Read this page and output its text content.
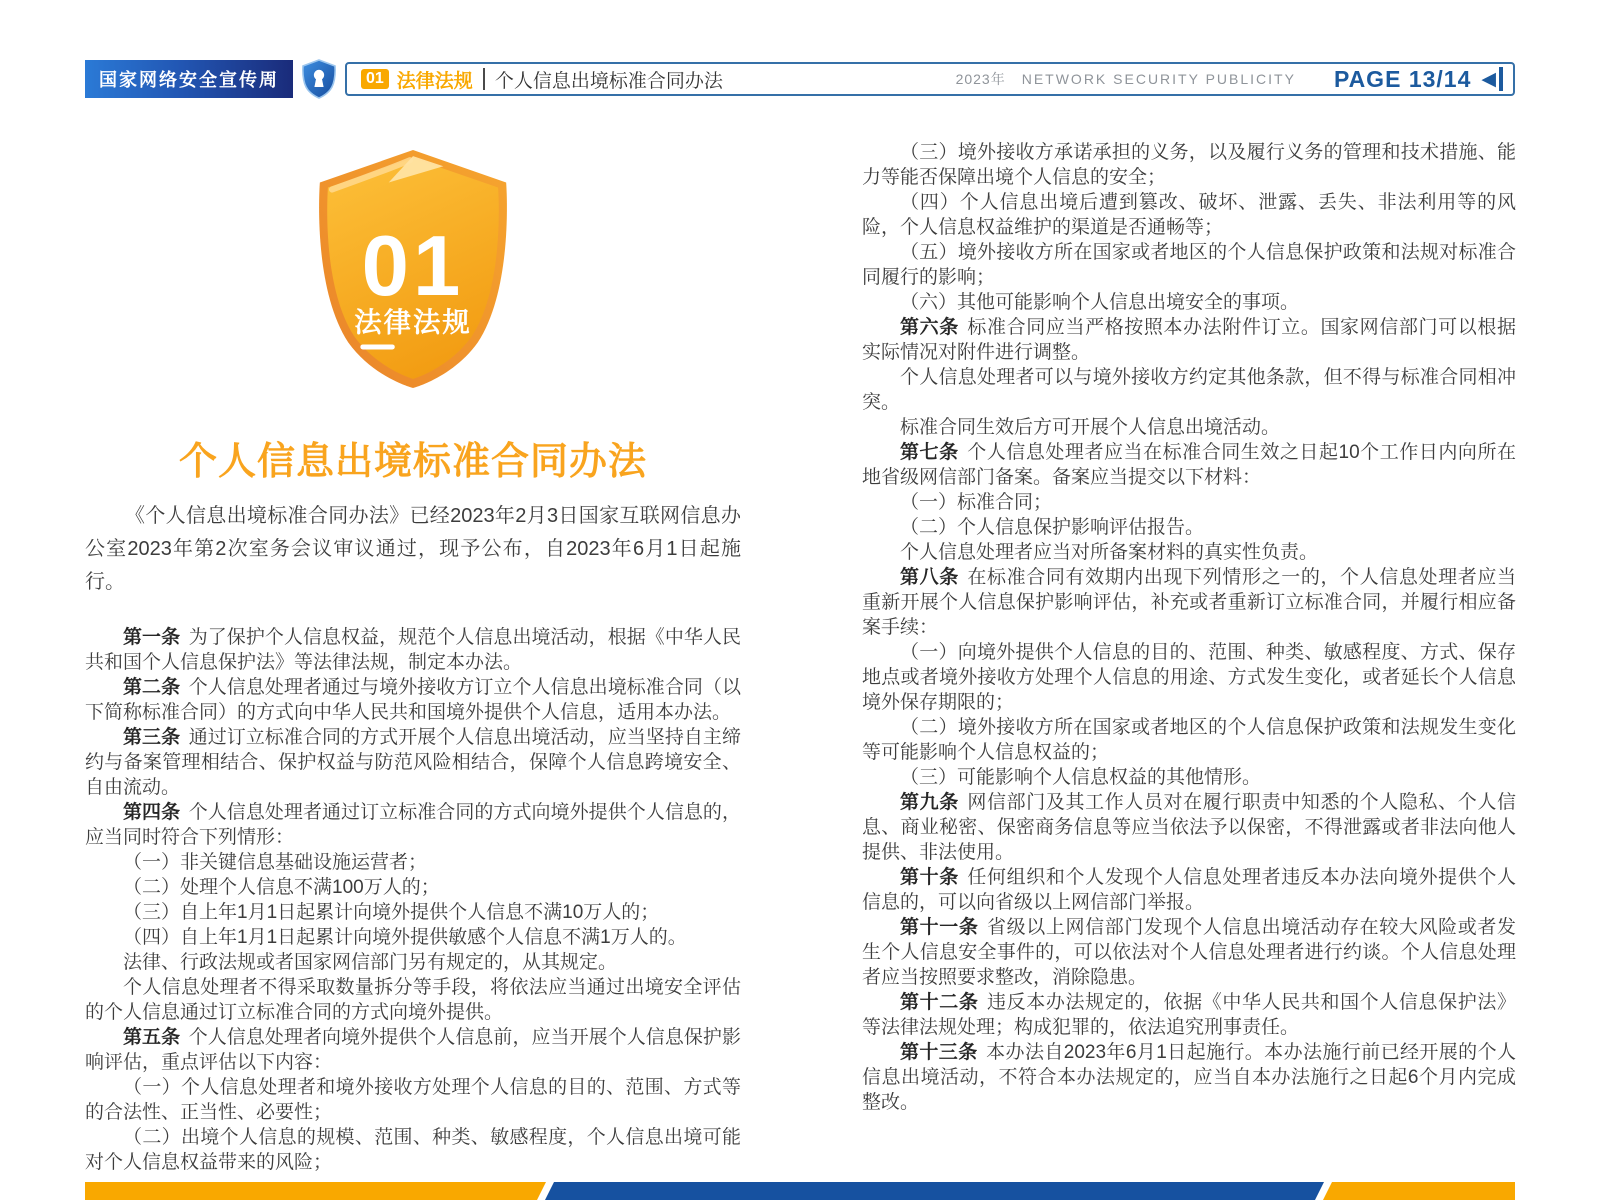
国家网络安全宣传周	01 法律法规 个人信息出境标准合同办法	2023年 NETWORK SECURITY PUBLICITY PAGE 13/14 ◀
01
法律法规
个人信息出境标准合同办法

《个人信息出境标准合同办法》已经2023年2月3日国家互联网信息办公室2023年第2次室务会议审议通过，现予公布，自2023年6月1日起施行。

第一条 为了保护个人信息权益，规范个人信息出境活动，根据《中华人民共和国个人信息保护法》等法律法规，制定本办法。

第二条 个人信息处理者通过与境外接收方订立个人信息出境标准合同（以下简称标准合同）的方式向中华人民共和国境外提供个人信息，适用本办法。

第三条 通过订立标准合同的方式开展个人信息出境活动，应当坚持自主缔约与备案管理相结合、保护权益与防范风险相结合，保障个人信息跨境安全、自由流动。

第四条 个人信息处理者通过订立标准合同的方式向境外提供个人信息的，应当同时符合下列情形：

（一）非关键信息基础设施运营者；

（二）处理个人信息不满100万人的；

（三）自上年1月1日起累计向境外提供个人信息不满10万人的；

（四）自上年1月1日起累计向境外提供敏感个人信息不满1万人的。

法律、行政法规或者国家网信部门另有规定的，从其规定。

个人信息处理者不得采取数量拆分等手段，将依法应当通过出境安全评估的个人信息通过订立标准合同的方式向境外提供。

第五条 个人信息处理者向境外提供个人信息前，应当开展个人信息保护影响评估，重点评估以下内容：

（一）个人信息处理者和境外接收方处理个人信息的目的、范围、方式等的合法性、正当性、必要性；

（二）出境个人信息的规模、范围、种类、敏感程度，个人信息出境可能对个人信息权益带来的风险；

（三）境外接收方承诺承担的义务，以及履行义务的管理和技术措施、能力等能否保障出境个人信息的安全；

（四）个人信息出境后遭到篡改、破坏、泄露、丢失、非法利用等的风险，个人信息权益维护的渠道是否通畅等；

（五）境外接收方所在国家或者地区的个人信息保护政策和法规对标准合同履行的影响；

（六）其他可能影响个人信息出境安全的事项。

第六条 标准合同应当严格按照本办法附件订立。国家网信部门可以根据实际情况对附件进行调整。

个人信息处理者可以与境外接收方约定其他条款，但不得与标准合同相冲突。

标准合同生效后方可开展个人信息出境活动。

第七条 个人信息处理者应当在标准合同生效之日起10个工作日内向所在地省级网信部门备案。备案应当提交以下材料：

（一）标准合同；

（二）个人信息保护影响评估报告。

个人信息处理者应当对所备案材料的真实性负责。

第八条 在标准合同有效期内出现下列情形之一的，个人信息处理者应当重新开展个人信息保护影响评估，补充或者重新订立标准合同，并履行相应备案手续：

（一）向境外提供个人信息的目的、范围、种类、敏感程度、方式、保存地点或者境外接收方处理个人信息的用途、方式发生变化，或者延长个人信息境外保存期限的；

（二）境外接收方所在国家或者地区的个人信息保护政策和法规发生变化等可能影响个人信息权益的；

（三）可能影响个人信息权益的其他情形。

第九条 网信部门及其工作人员对在履行职责中知悉的个人隐私、个人信息、商业秘密、保密商务信息等应当依法予以保密，不得泄露或者非法向他人提供、非法使用。

第十条 任何组织和个人发现个人信息处理者违反本办法向境外提供个人信息的，可以向省级以上网信部门举报。

第十一条 省级以上网信部门发现个人信息出境活动存在较大风险或者发生个人信息安全事件的，可以依法对个人信息处理者进行约谈。个人信息处理者应当按照要求整改，消除隐患。

第十二条 违反本办法规定的，依据《中华人民共和国个人信息保护法》等法律法规处理；构成犯罪的，依法追究刑事责任。

第十三条 本办法自2023年6月1日起施行。本办法施行前已经开展的个人信息出境活动，不符合本办法规定的，应当自本办法施行之日起6个月内完成整改。
